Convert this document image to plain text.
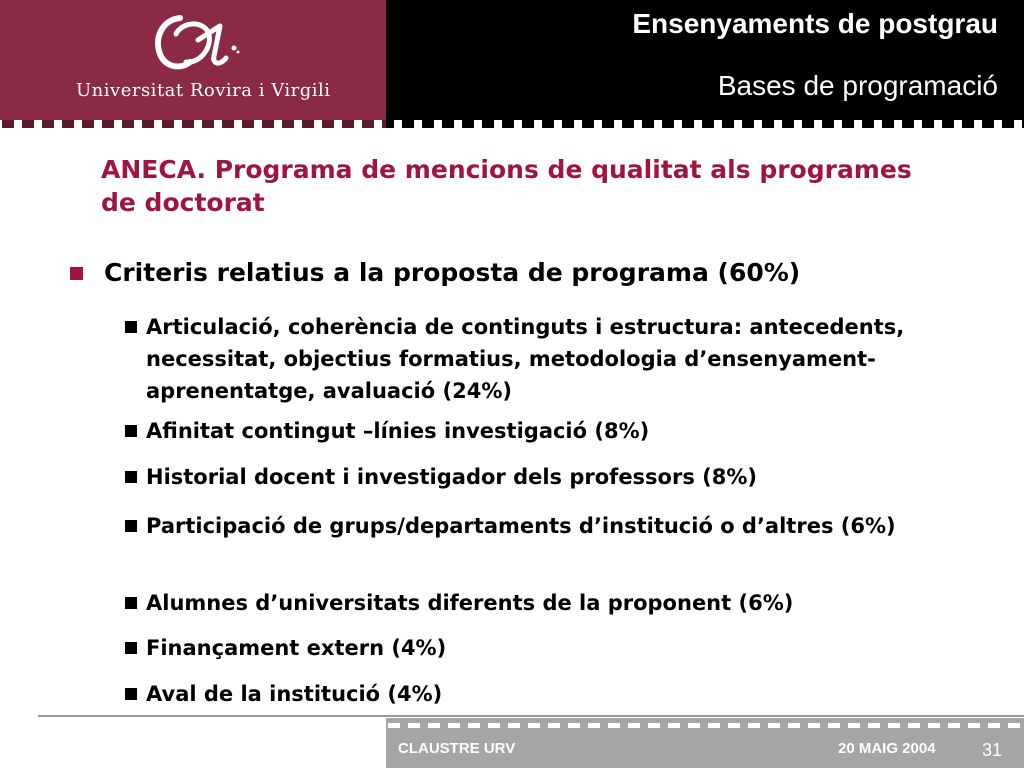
Universitat Rovira i Virgili
Ensenyaments de postgrau
Bases de programació
ANECA. Programa de mencions de qualitat als programes de doctorat
Criteris relatius a la proposta de programa (60%)
Articulació, coherència de continguts i estructura: antecedents, necessitat, objectius formatius, metodologia d’ensenyament-aprenentatge, avaluació (24%)
Afinitat contingut –línies investigació (8%)
Historial docent i investigador dels professors (8%)
Participació de grups/departaments d’institució o d’altres (6%)
Alumnes d’universitats diferents de la proponent (6%)
Finançament extern (4%)
Aval de la institució (4%)
CLAUSTRE URV	20 MAIG 2004	31
